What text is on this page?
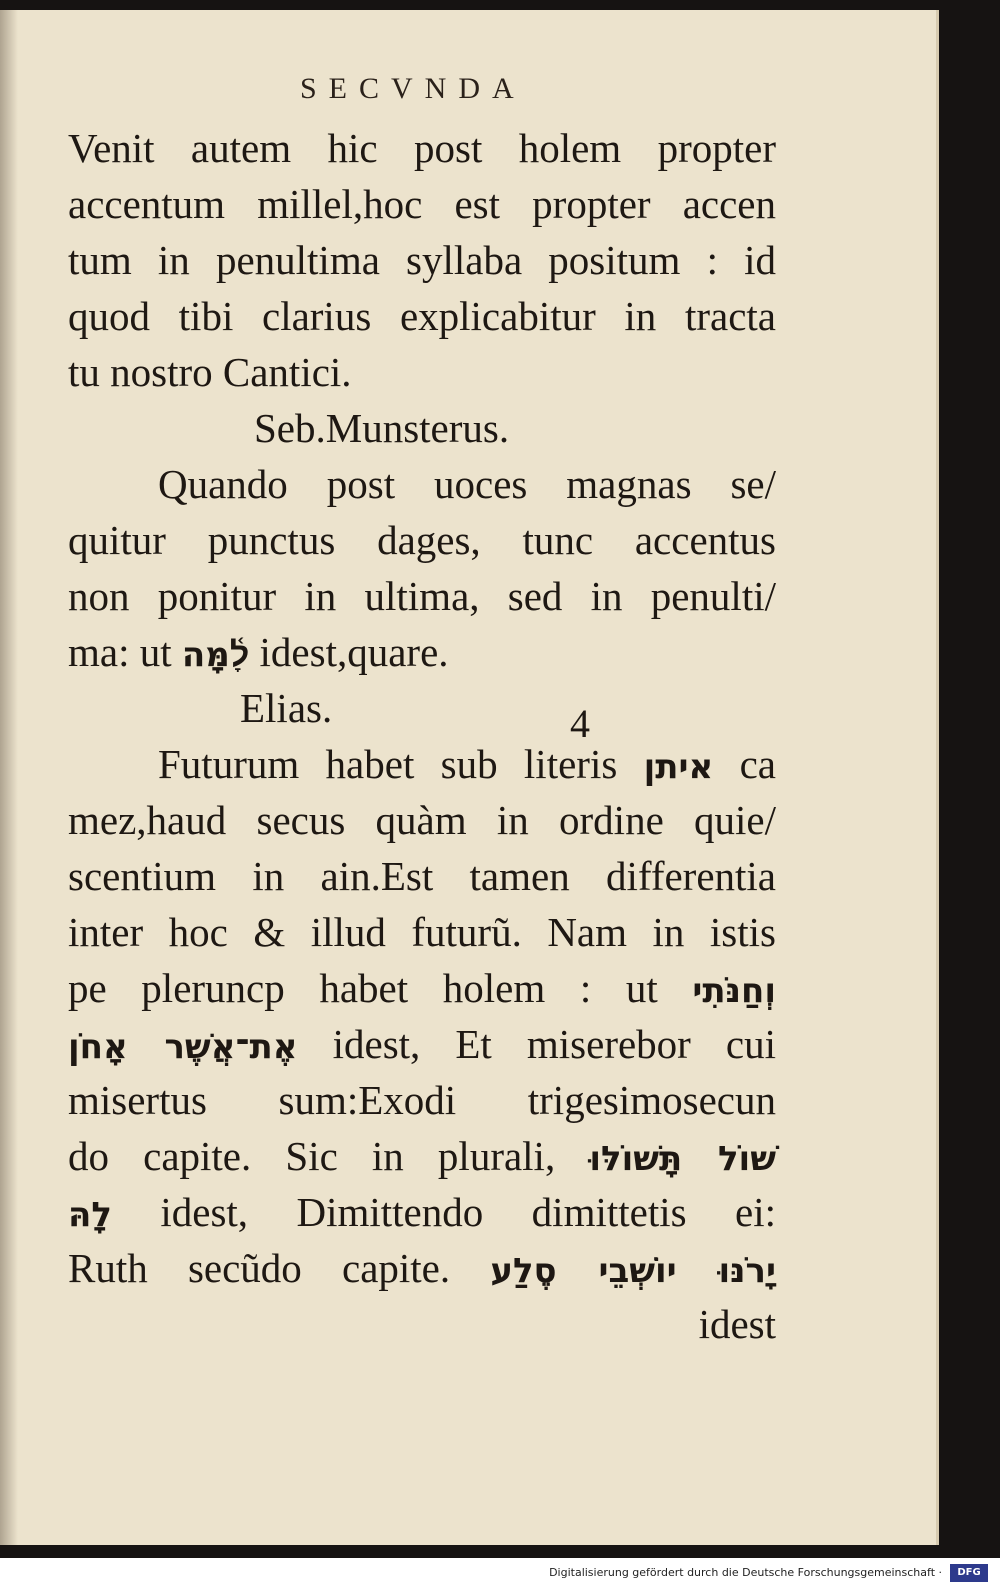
SECVNDA
Venit autem hic post holem propter
accentum millel,hoc est propter accen
tum in penultima syllaba positum : id
quod tibi clarius explicabitur in tracta
tu nostro Cantici.
Seb.Munsterus.
Quando post uoces magnas se/
quitur punctus dages, tunc accentus
non ponitur in ultima, sed in penulti/
ma: ut לָ֫מָּה idest,quare.
Elias.
Futurum habet sub literis איתן ca
mez,haud secus quàm in ordine quie/
scentium in ain.Est tamen differentia
inter hoc & illud futurũ. Nam in istis
pe pleruncp habet holem : ut וְחַנֹּתִי
אֶת־אֲשֶׁר אָחֹן idest, Et miserebor cui
misertus sum:Exodi trigesimosecun
do capite. Sic in plurali, שׁוֹל תָּשׁוֹלּוּ
לָהּ idest, Dimittendo dimittetis ei:
Ruth secũdo capite. יָרֹנּוּ יוֹשְׁבֵי סֶלַע
idest
4
Digitalisierung gefördert durch die Deutsche Forschungsgemeinschaft ·	DFG
